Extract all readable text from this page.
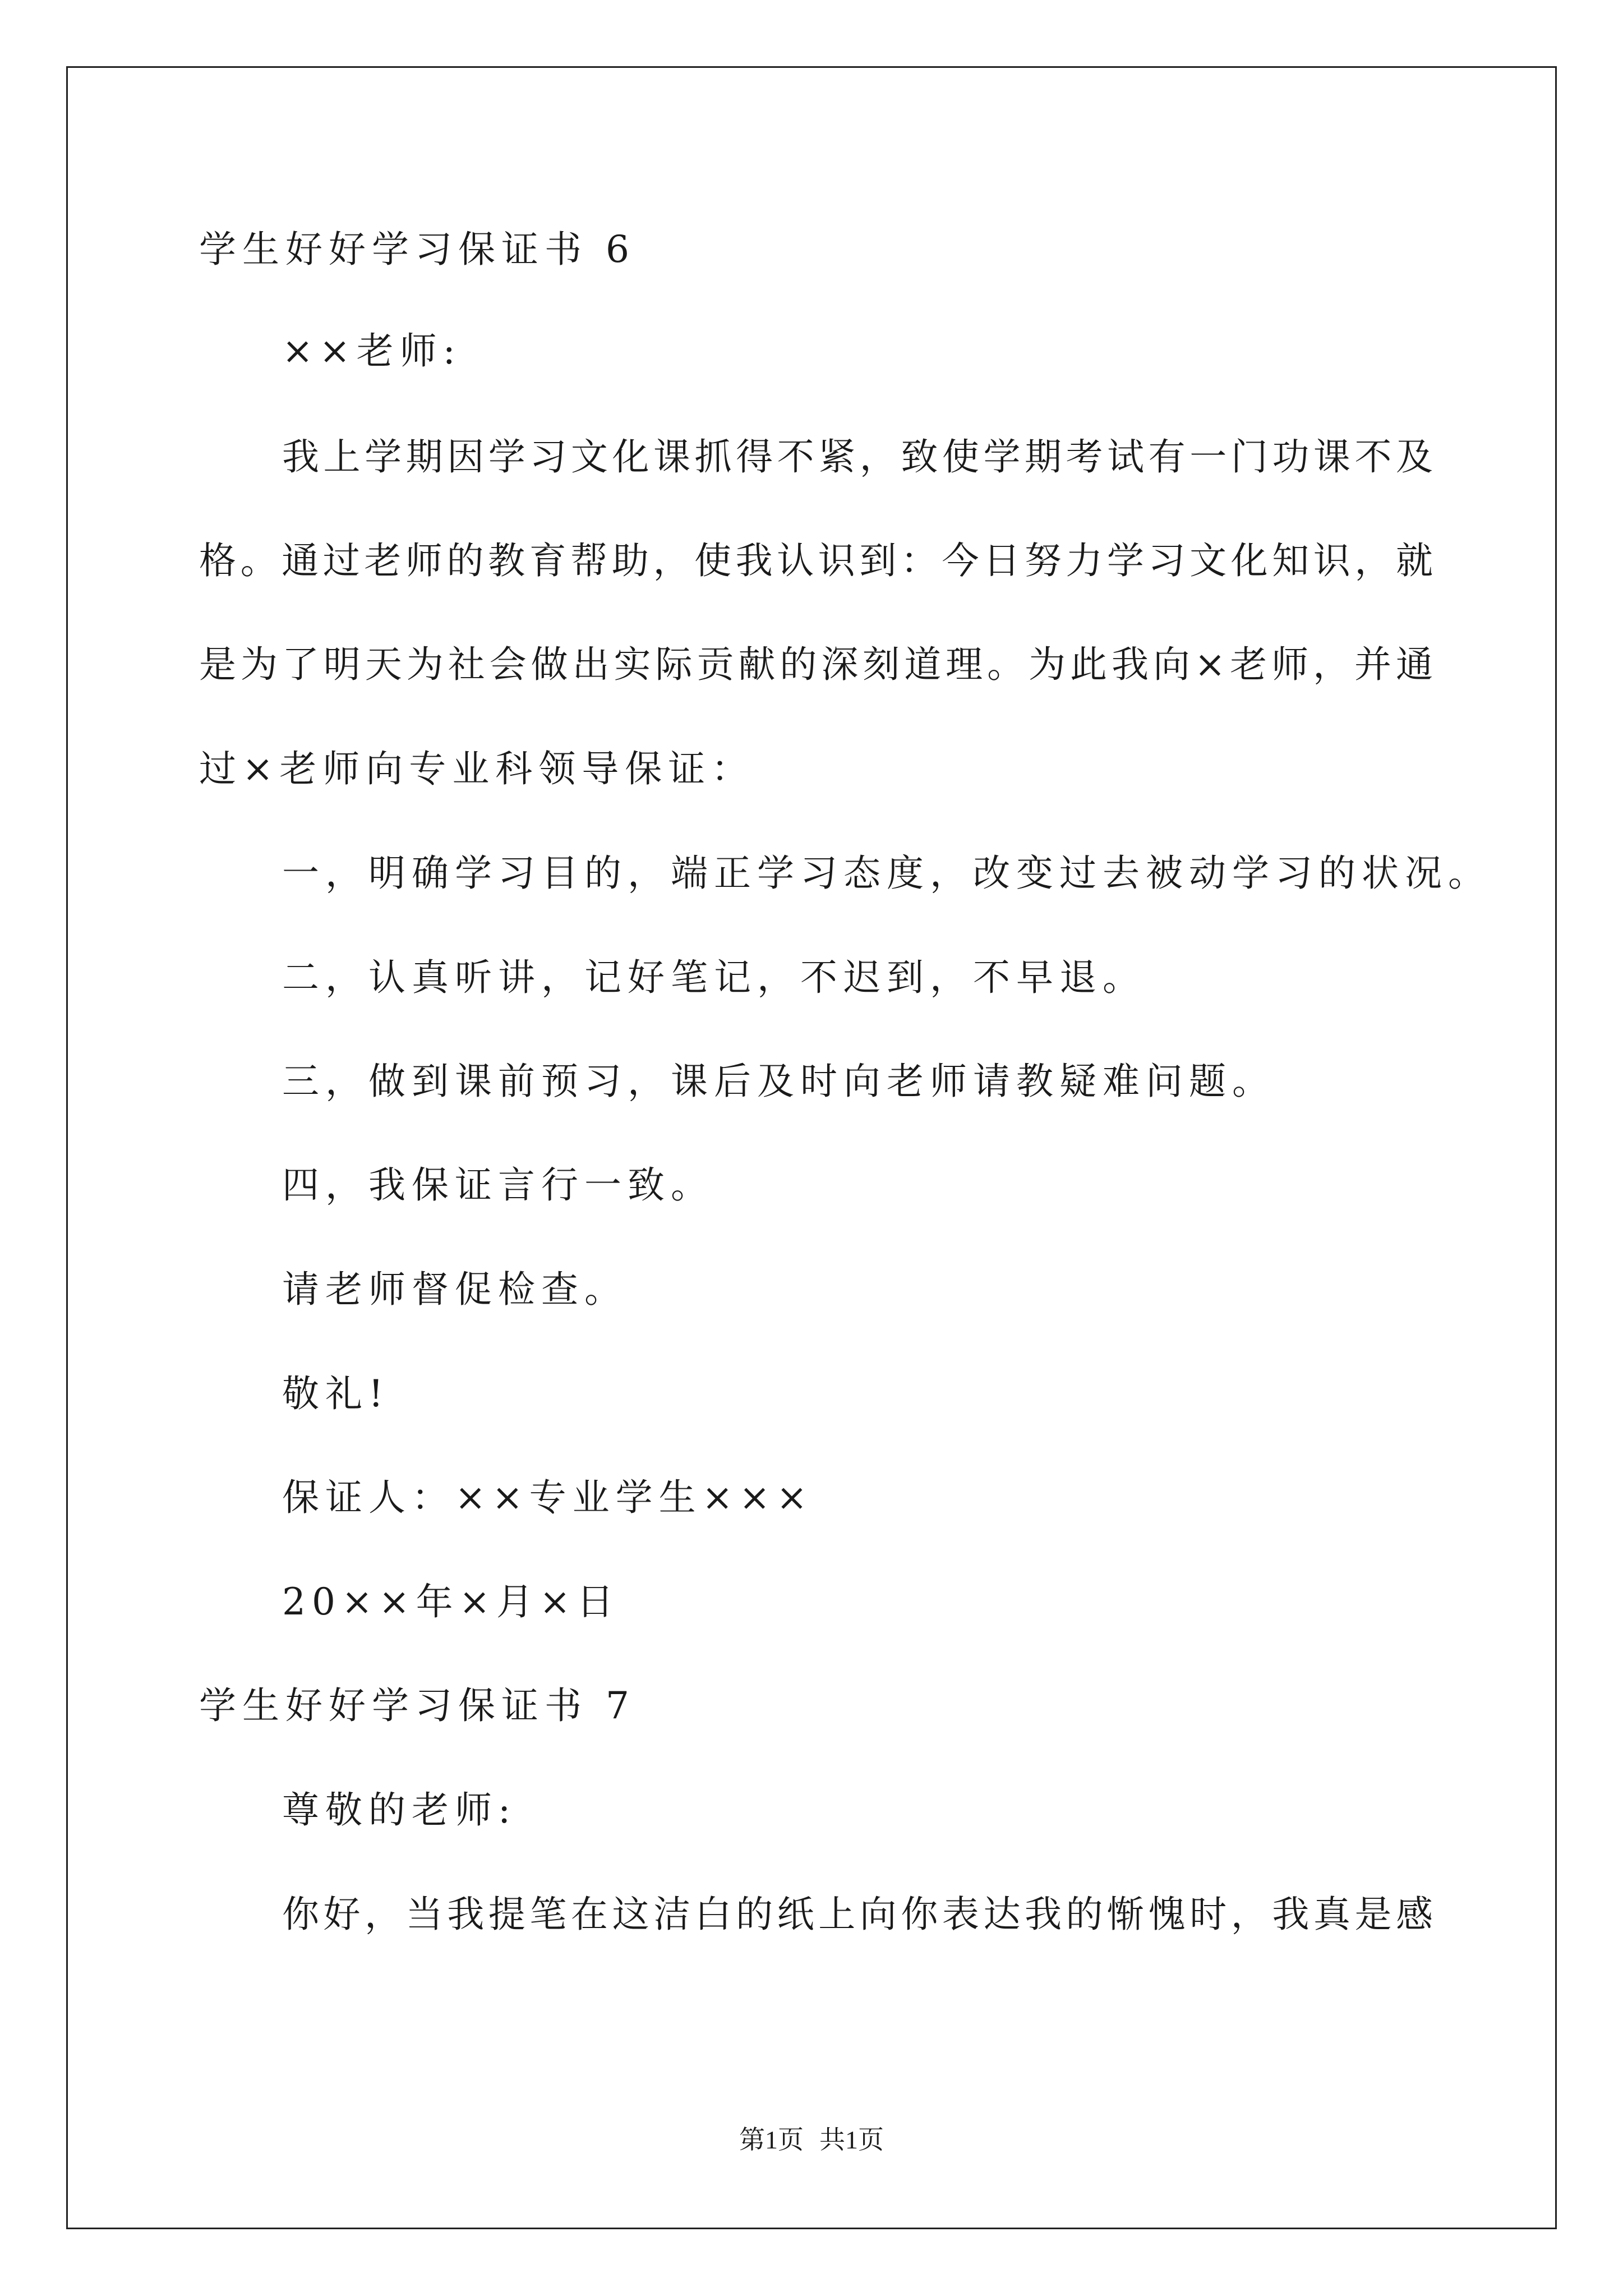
学生好好学习保证书 6
××老师:
我上学期因学习文化课抓得不紧，致使学期考试有一门功课不及
格。通过老师的教育帮助，使我认识到：今日努力学习文化知识，就
是为了明天为社会做出实际贡献的深刻道理。为此我向×老师，并通
过×老师向专业科领导保证：
一，明确学习目的，端正学习态度，改变过去被动学习的状况。
二，认真听讲，记好笔记，不迟到，不早退。
三，做到课前预习，课后及时向老师请教疑难问题。
四，我保证言行一致。
请老师督促检查。
敬礼!
保证人：××专业学生×××
20××年×月×日
学生好好学习保证书 7
尊敬的老师:
你好，当我提笔在这洁白的纸上向你表达我的惭愧时，我真是感
第1页 共1页
